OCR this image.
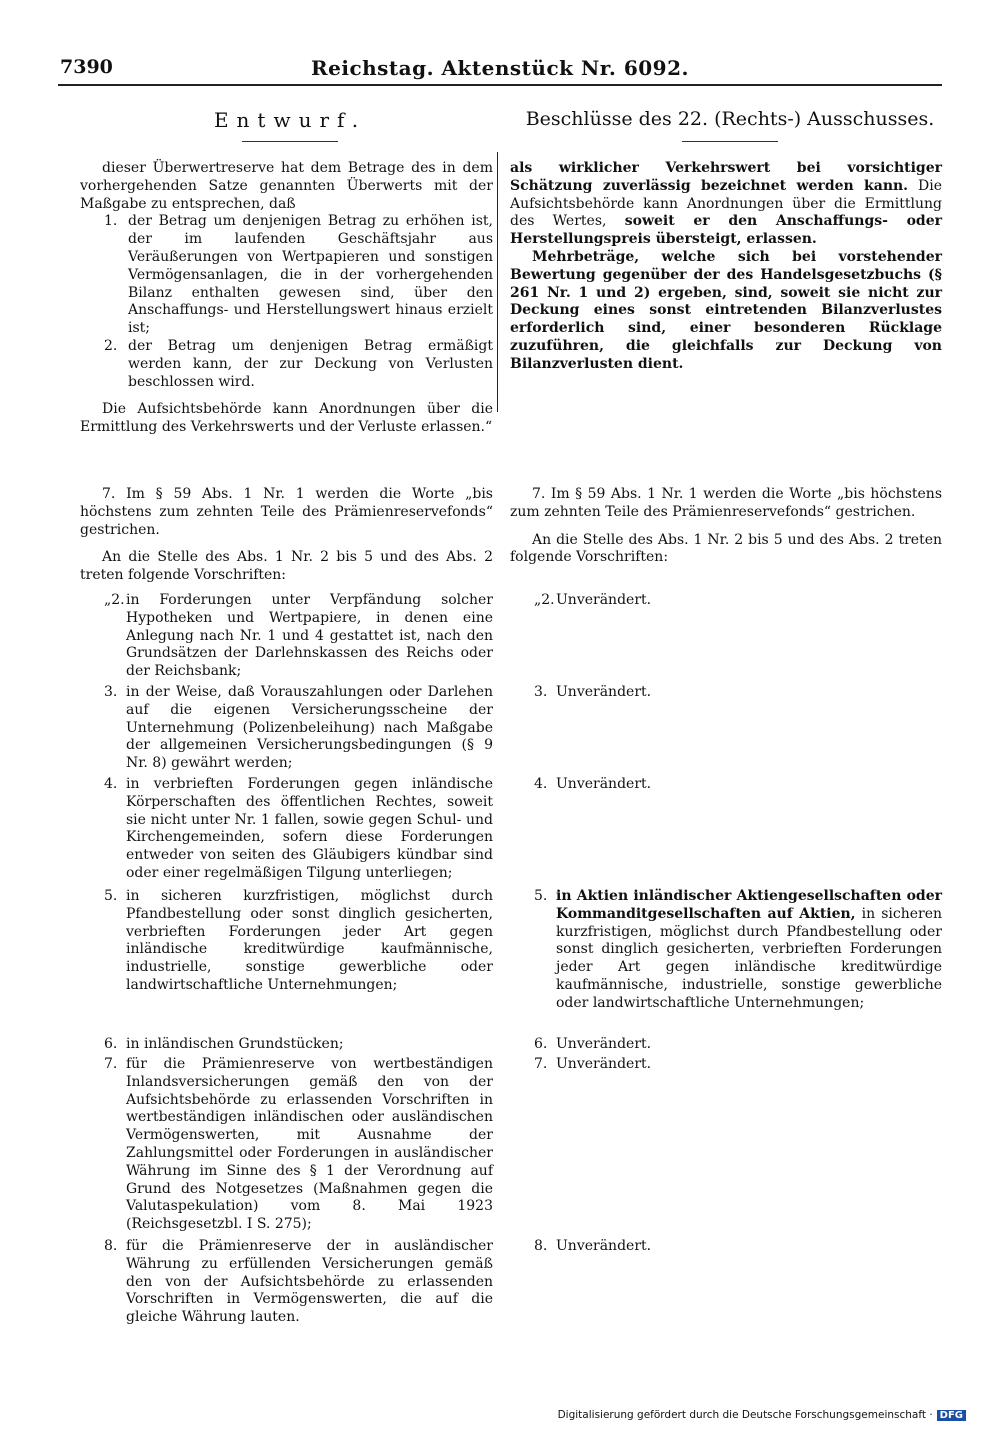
7390	Reichstag. Aktenstück Nr. 6092.
Entwurf.	Beschlüsse des 22. (Rechts-) Ausschusses.

dieser Überwertreserve hat dem Betrage des in dem vorhergehenden Satze genannten Überwerts mit der Maßgabe zu entsprechen, daß

1. der Betrag um denjenigen Betrag zu erhöhen ist, der im laufenden Geschäftsjahr aus Veräußerungen von Wertpapieren und sonstigen Vermögensanlagen, die in der vorhergehenden Bilanz enthalten gewesen sind, über den Anschaffungs- und Herstellungswert hinaus erzielt ist;
2. der Betrag um denjenigen Betrag ermäßigt werden kann, der zur Deckung von Verlusten beschlossen wird.

Die Aufsichtsbehörde kann Anordnungen über die Ermittlung des Verkehrswerts und der Verluste erlassen.“

als wirklicher Verkehrswert bei vorsichtiger Schätzung zuverlässig bezeichnet werden kann. Die Aufsichtsbehörde kann Anordnungen über die Ermittlung des Wertes, soweit er den Anschaffungs- oder Herstellungspreis übersteigt, erlassen.

Mehrbeträge, welche sich bei vorstehender Bewertung gegenüber der des Handelsgesetzbuchs (§ 261 Nr. 1 und 2) ergeben, sind, soweit sie nicht zur Deckung eines sonst eintretenden Bilanzverlustes erforderlich sind, einer besonderen Rücklage zuzuführen, die gleichfalls zur Deckung von Bilanzverlusten dient.

7. Im § 59 Abs. 1 Nr. 1 werden die Worte „bis höchstens zum zehnten Teile des Prämienreservefonds“ gestrichen.

An die Stelle des Abs. 1 Nr. 2 bis 5 und des Abs. 2 treten folgende Vorschriften:

7. Im § 59 Abs. 1 Nr. 1 werden die Worte „bis höchstens zum zehnten Teile des Prämienreservefonds“ gestrichen.

An die Stelle des Abs. 1 Nr. 2 bis 5 und des Abs. 2 treten folgende Vorschriften:

„2. in Forderungen unter Verpfändung solcher Hypotheken und Wertpapiere, in denen eine Anlegung nach Nr. 1 und 4 gestattet ist, nach den Grundsätzen der Darlehnskassen des Reichs oder der Reichsbank;
3. in der Weise, daß Vorauszahlungen oder Darlehen auf die eigenen Versicherungsscheine der Unternehmung (Polizenbeleihung) nach Maßgabe der allgemeinen Versicherungsbedingungen (§ 9 Nr. 8) gewährt werden;
4. in verbrieften Forderungen gegen inländische Körperschaften des öffentlichen Rechtes, soweit sie nicht unter Nr. 1 fallen, sowie gegen Schul- und Kirchengemeinden, sofern diese Forderungen entweder von seiten des Gläubigers kündbar sind oder einer regelmäßigen Tilgung unterliegen;
5. in sicheren kurzfristigen, möglichst durch Pfandbestellung oder sonst dinglich gesicherten, verbrieften Forderungen jeder Art gegen inländische kreditwürdige kaufmännische, industrielle, sonstige gewerbliche oder landwirtschaftliche Unternehmungen;
6. in inländischen Grundstücken;
7. für die Prämienreserve von wertbeständigen Inlandsversicherungen gemäß den von der Aufsichtsbehörde zu erlassenden Vorschriften in wertbeständigen inländischen oder ausländischen Vermögenswerten, mit Ausnahme der Zahlungsmittel oder Forderungen in ausländischer Währung im Sinne des § 1 der Verordnung auf Grund des Notgesetzes (Maßnahmen gegen die Valutaspekulation) vom 8. Mai 1923 (Reichsgesetzbl. I S. 275);
8. für die Prämienreserve der in ausländischer Währung zu erfüllenden Versicherungen gemäß den von der Aufsichtsbehörde zu erlassenden Vorschriften in Vermögenswerten, die auf die gleiche Währung lauten.
„2. Unverändert.
3. Unverändert.
4. Unverändert.
5. in Aktien inländischer Aktiengesellschaften oder Kommanditgesellschaften auf Aktien, in sicheren kurzfristigen, möglichst durch Pfandbestellung oder sonst dinglich gesicherten, verbrieften Forderungen jeder Art gegen inländische kreditwürdige kaufmännische, industrielle, sonstige gewerbliche oder landwirtschaftliche Unternehmungen;
6. Unverändert.
7. Unverändert.
8. Unverändert.
Digitalisierung gefördert durch die Deutsche Forschungsgemeinschaft · DFG
